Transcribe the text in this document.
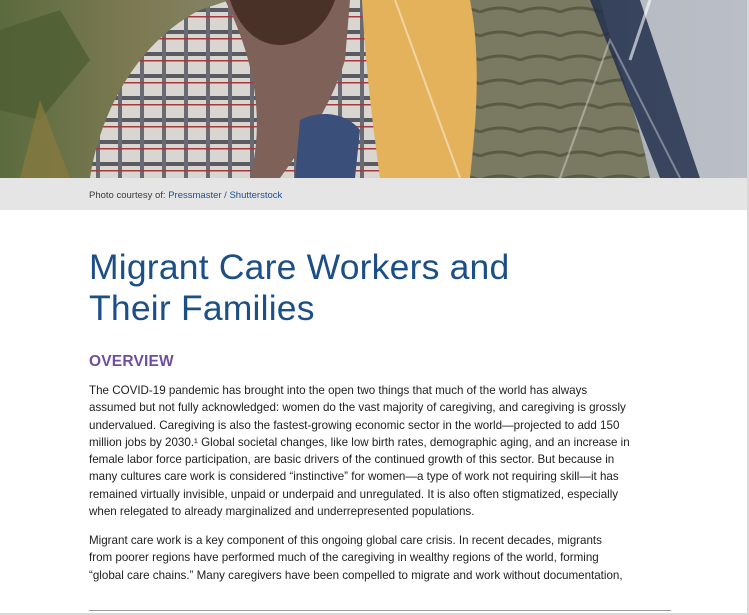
Photo courtesy of: Pressmaster / Shutterstock
Migrant Care Workers and
Their Families
OVERVIEW
The COVID-19 pandemic has brought into the open two things that much of the world has always
assumed but not fully acknowledged: women do the vast majority of caregiving, and caregiving is grossly
undervalued. Caregiving is also the fastest-growing economic sector in the world—projected to add 150
million jobs by 2030.¹ Global societal changes, like low birth rates, demographic aging, and an increase in
female labor force participation, are basic drivers of the continued growth of this sector. But because in
many cultures care work is considered “instinctive” for women—a type of work not requiring skill—it has
remained virtually invisible, unpaid or underpaid and unregulated. It is also often stigmatized, especially
when relegated to already marginalized and underrepresented populations.
Migrant care work is a key component of this ongoing global care crisis. In recent decades, migrants
from poorer regions have performed much of the caregiving in wealthy regions of the world, forming
“global care chains.” Many caregivers have been compelled to migrate and work without documentation,
